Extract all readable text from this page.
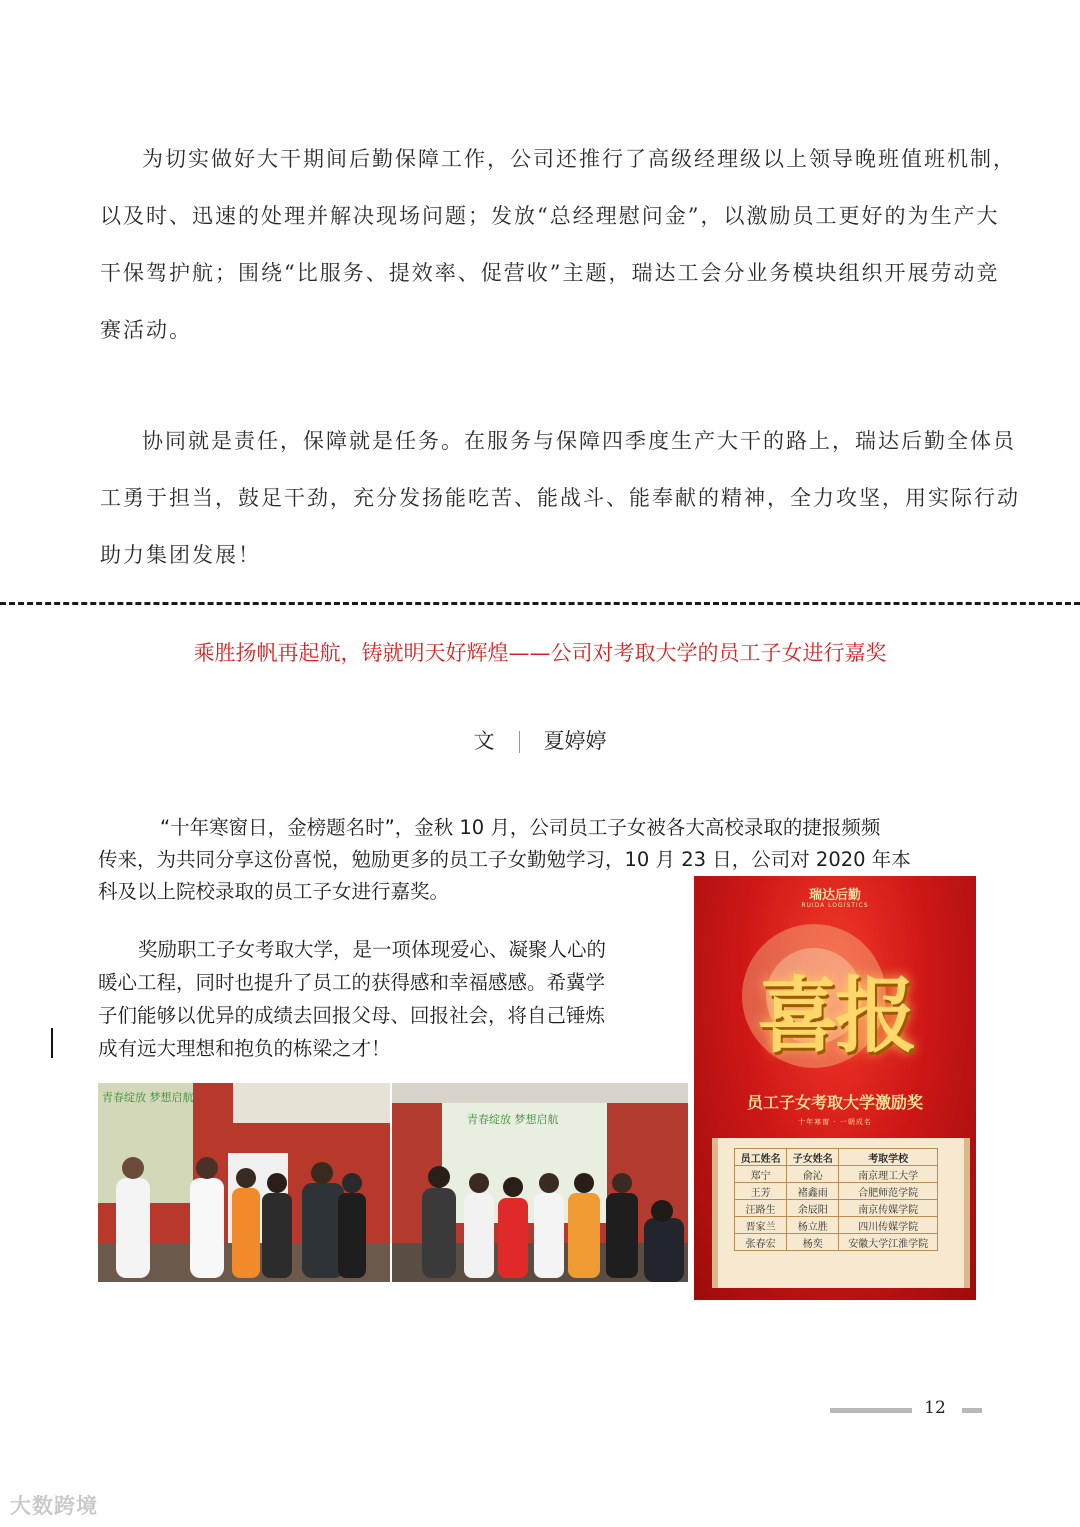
为切实做好大干期间后勤保障工作，公司还推行了高级经理级以上领导晚班值班机制，
以及时、迅速的处理并解决现场问题；发放“总经理慰问金”，以激励员工更好的为生产大
干保驾护航；围绕“比服务、提效率、促营收”主题，瑞达工会分业务模块组织开展劳动竞
赛活动。
协同就是责任，保障就是任务。在服务与保障四季度生产大干的路上，瑞达后勤全体员
工勇于担当，鼓足干劲，充分发扬能吃苦、能战斗、能奉献的精神，全力攻坚，用实际行动
助力集团发展！
乘胜扬帆再起航，铸就明天好辉煌——公司对考取大学的员工子女进行嘉奖
文 夏婷婷
“十年寒窗日，金榜题名时”，金秋 10 月，公司员工子女被各大高校录取的捷报频频
传来，为共同分享这份喜悦，勉励更多的员工子女勤勉学习，10 月 23 日，公司对 2020 年本
科及以上院校录取的员工子女进行嘉奖。
奖励职工子女考取大学，是一项体现爱心、凝聚人心的
暖心工程，同时也提升了员工的获得感和幸福感感。希冀学
子们能够以优异的成绩去回报父母、回报社会，将自己锤炼
成有远大理想和抱负的栋梁之才！
青春绽放 梦想启航
青春绽放 梦想启航
瑞达后勤
RUIDA LOGISTICS
喜报
员工子女考取大学激励奖
十年寒窗 · 一朝成名
员工姓名	子女姓名	考取学校
郑宁	俞沁	南京理工大学
王芳	褚鑫雨	合肥师范学院
汪路生	余辰阳	南京传媒学院
晋家兰	杨立胜	四川传媒学院
张春宏	杨奕	安徽大学江淮学院
12
大数跨境
